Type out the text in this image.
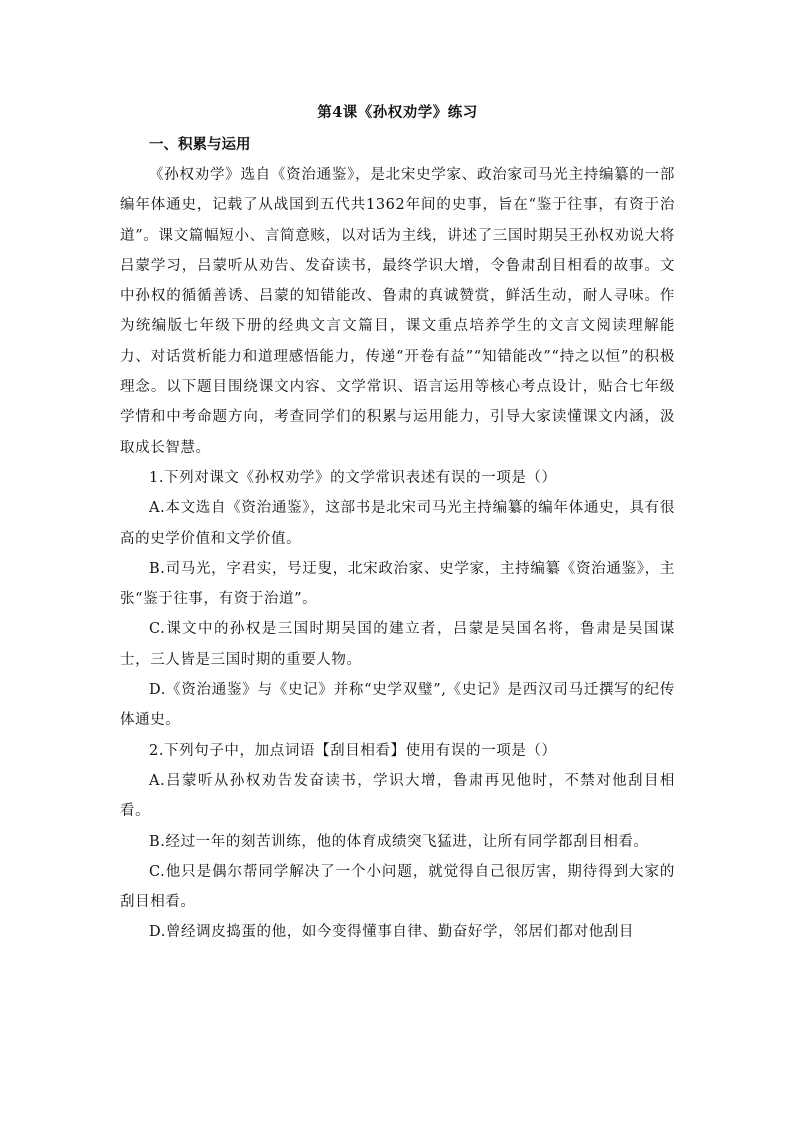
第4课《孙权劝学》练习
一、积累与运用

《孙权劝学》选自《资治通鉴》，是北宋史学家、政治家司马光主持编纂的一部编年体通史，记载了从战国到五代共1362年间的史事，旨在“鉴于往事，有资于治道”。课文篇幅短小、言简意赅，以对话为主线，讲述了三国时期吴王孙权劝说大将吕蒙学习，吕蒙听从劝告、发奋读书，最终学识大增，令鲁肃刮目相看的故事。文中孙权的循循善诱、吕蒙的知错能改、鲁肃的真诚赞赏，鲜活生动，耐人寻味。作为统编版七年级下册的经典文言文篇目，课文重点培养学生的文言文阅读理解能力、对话赏析能力和道理感悟能力，传递“开卷有益”“知错能改”“持之以恒”的积极理念。以下题目围绕课文内容、文学常识、语言运用等核心考点设计，贴合七年级学情和中考命题方向，考查同学们的积累与运用能力，引导大家读懂课文内涵，汲取成长智慧。

1.下列对课文《孙权劝学》的文学常识表述有误的一项是（）

A.本文选自《资治通鉴》，这部书是北宋司马光主持编纂的编年体通史，具有很高的史学价值和文学价值。

B.司马光，字君实，号迂叟，北宋政治家、史学家，主持编纂《资治通鉴》，主张“鉴于往事，有资于治道”。

C.课文中的孙权是三国时期吴国的建立者，吕蒙是吴国名将，鲁肃是吴国谋士，三人皆是三国时期的重要人物。

D.《资治通鉴》与《史记》并称“史学双璧”,《史记》是西汉司马迁撰写的纪传体通史。

2.下列句子中，加点词语【刮目相看】使用有误的一项是（）

A.吕蒙听从孙权劝告发奋读书，学识大增，鲁肃再见他时，不禁对他刮目相看。

B.经过一年的刻苦训练，他的体育成绩突飞猛进，让所有同学都刮目相看。

C.他只是偶尔帮同学解决了一个小问题，就觉得自己很厉害，期待得到大家的刮目相看。

D.曾经调皮捣蛋的他，如今变得懂事自律、勤奋好学，邻居们都对他刮目
